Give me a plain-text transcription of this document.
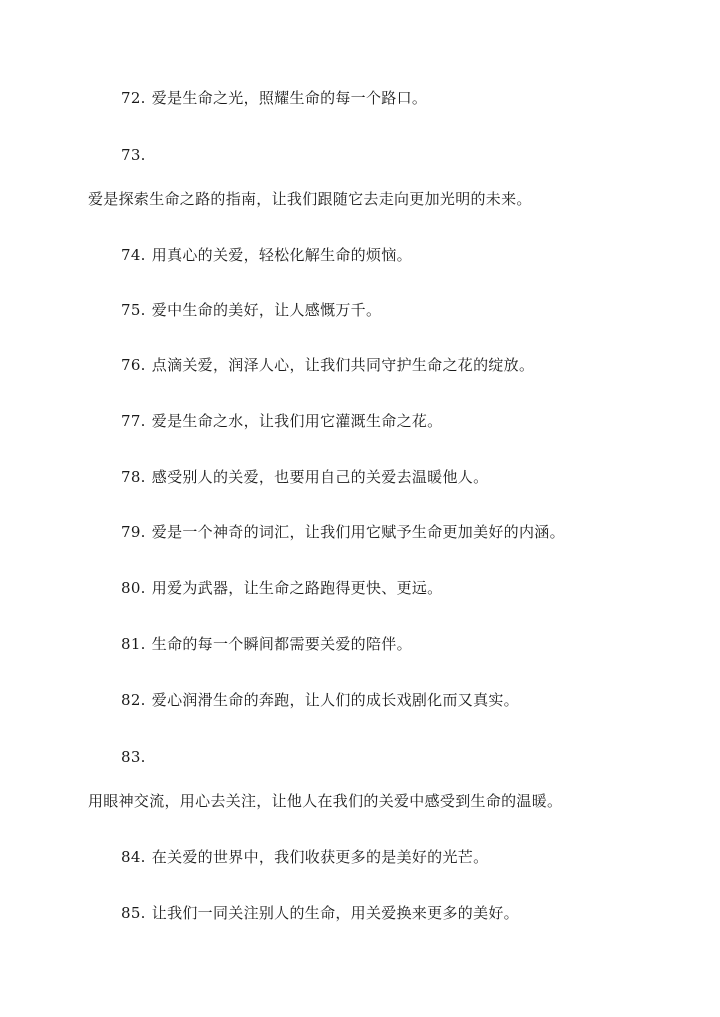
72. 爱是生命之光，照耀生命的每一个路口。
73.
爱是探索生命之路的指南，让我们跟随它去走向更加光明的未来。
74. 用真心的关爱，轻松化解生命的烦恼。
75. 爱中生命的美好，让人感慨万千。
76. 点滴关爱，润泽人心，让我们共同守护生命之花的绽放。
77. 爱是生命之水，让我们用它灌溉生命之花。
78. 感受别人的关爱，也要用自己的关爱去温暖他人。
79. 爱是一个神奇的词汇，让我们用它赋予生命更加美好的内涵。
80. 用爱为武器，让生命之路跑得更快、更远。
81. 生命的每一个瞬间都需要关爱的陪伴。
82. 爱心润滑生命的奔跑，让人们的成长戏剧化而又真实。
83.
用眼神交流，用心去关注，让他人在我们的关爱中感受到生命的温暖。
84. 在关爱的世界中，我们收获更多的是美好的光芒。
85. 让我们一同关注别人的生命，用关爱换来更多的美好。
